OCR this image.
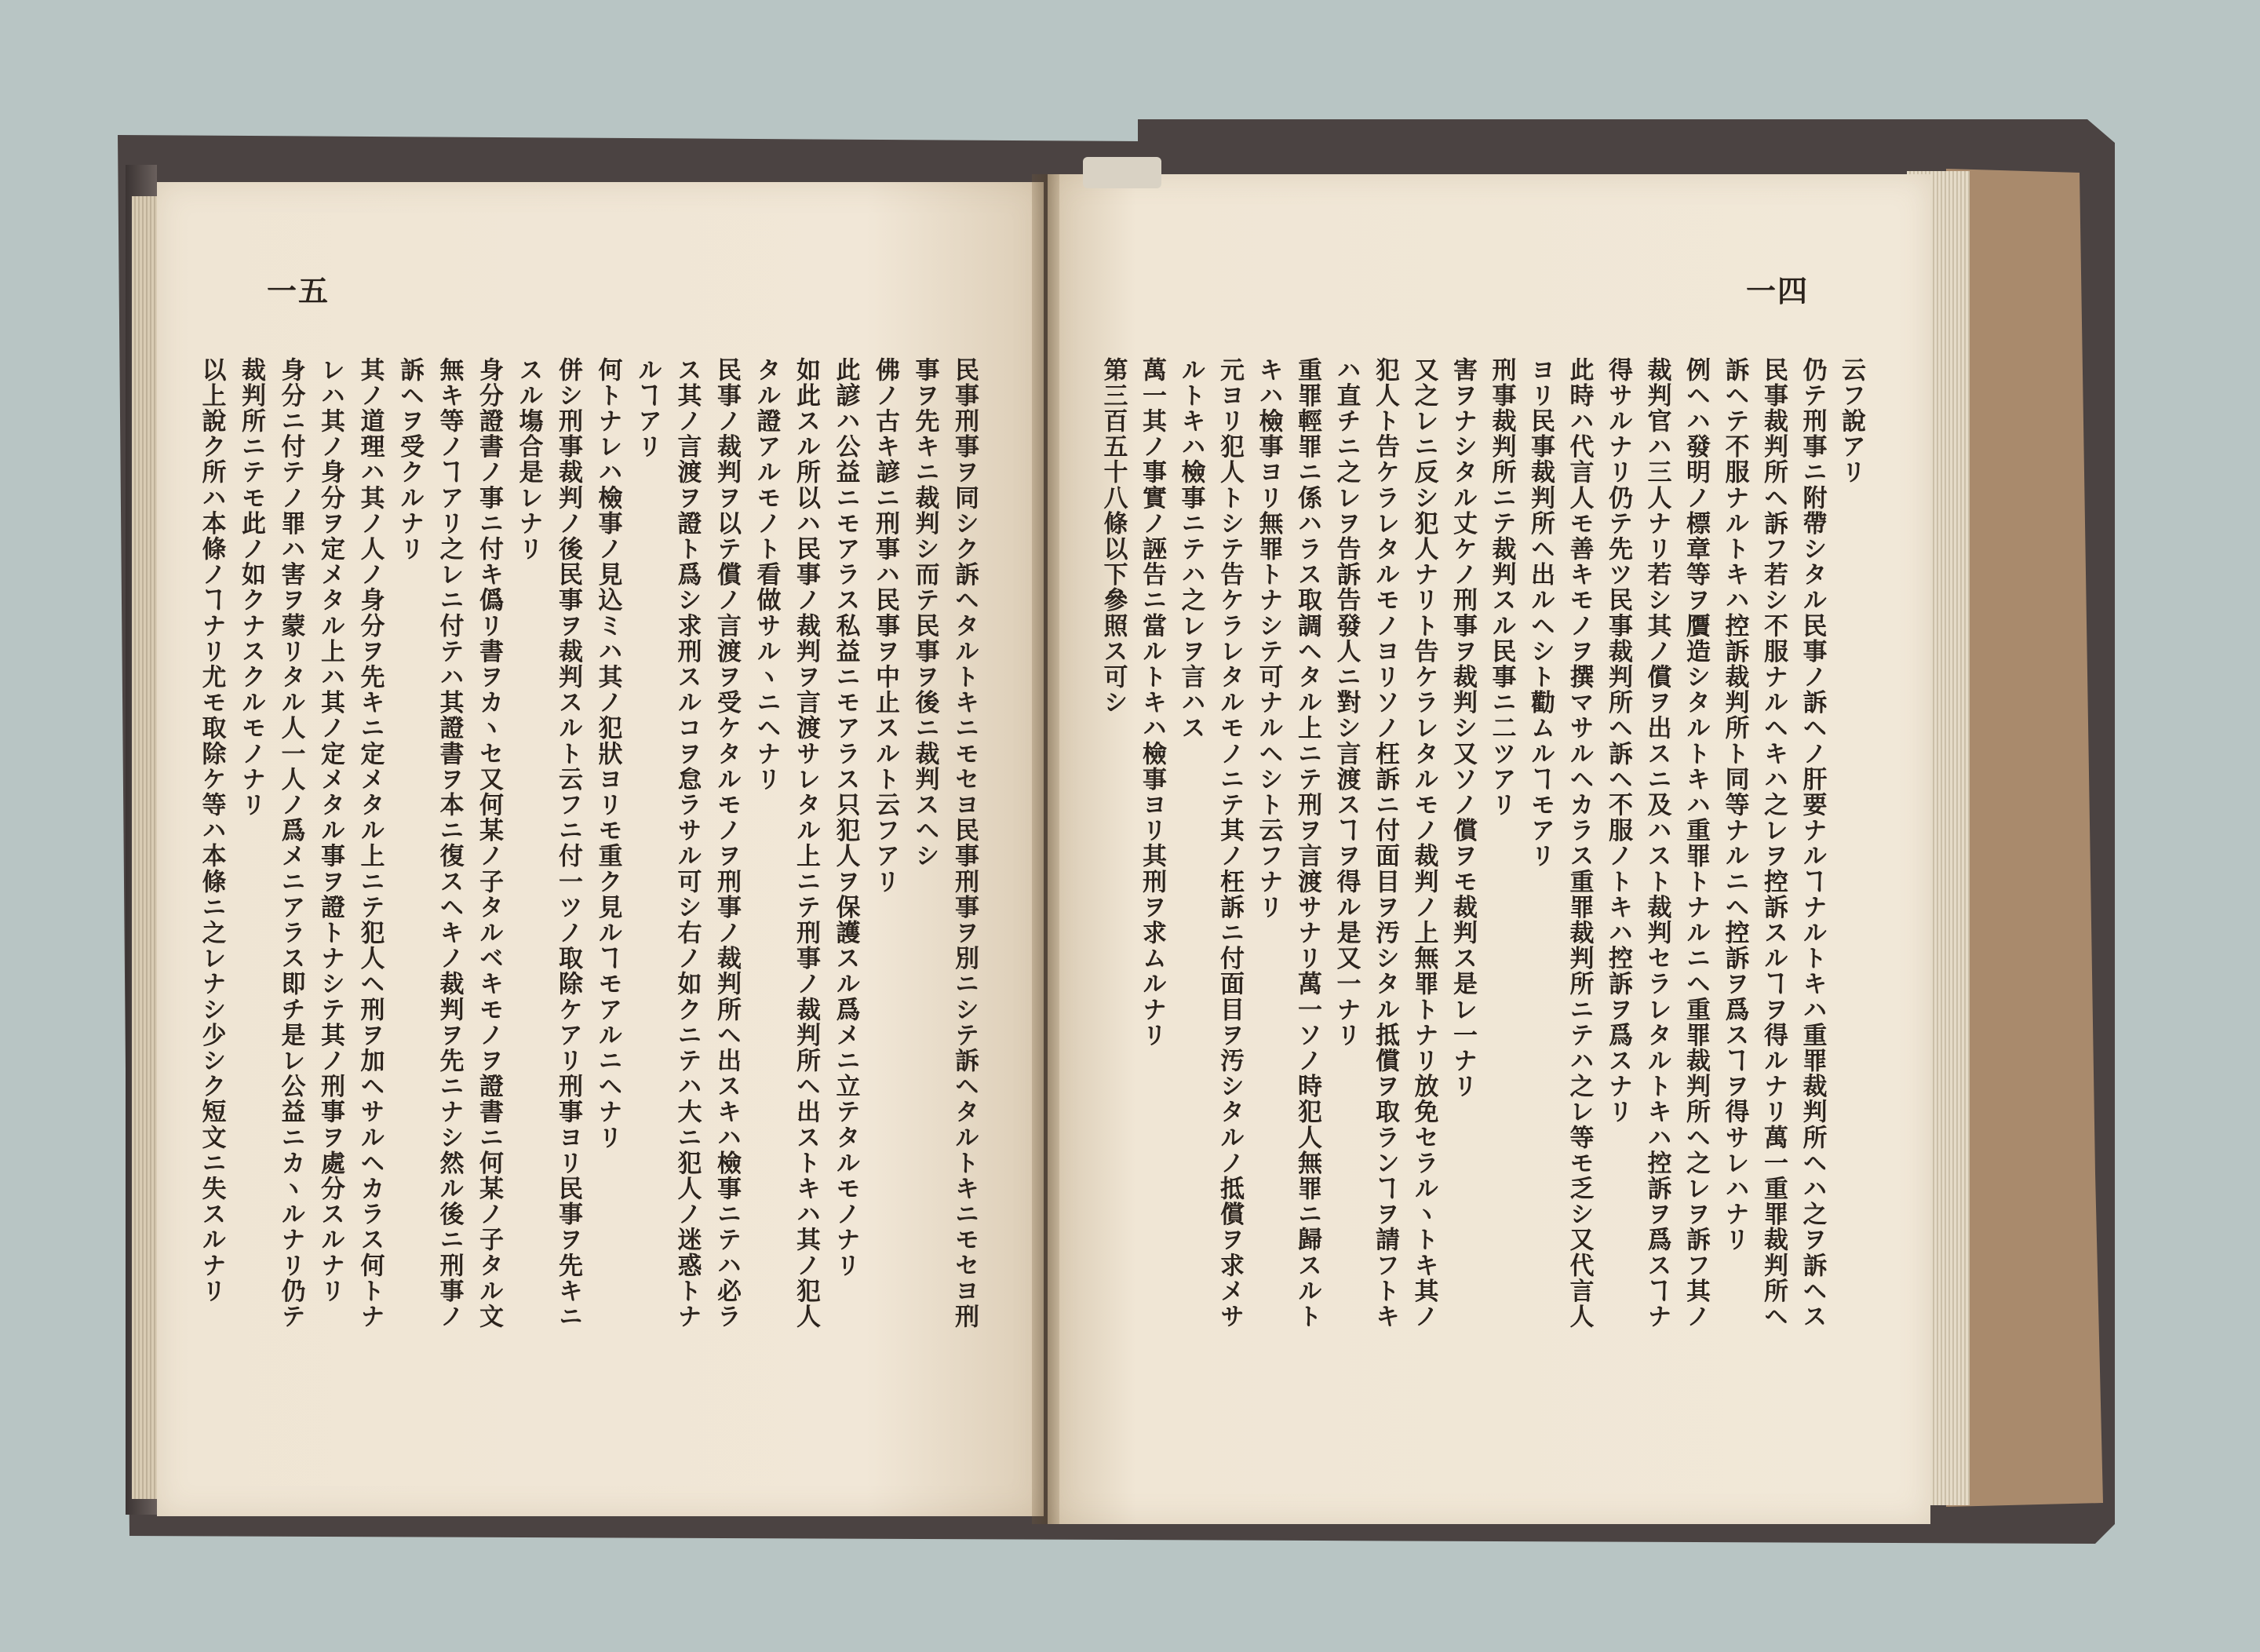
一五	一四
民事刑事ヲ同シク訴ヘタルトキニモセヨ民事刑事ヲ別ニシテ訴ヘタルトキニモセヨ刑
事ヲ先キニ裁判シ而テ民事ヲ後ニ裁判スヘシ
佛ノ古キ諺ニ刑事ハ民事ヲ中止スルト云フアリ
此諺ハ公益ニモアラス私益ニモアラス只犯人ヲ保護スル爲メニ立テタルモノナリ
如此スル所以ハ民事ノ裁判ヲ言渡サレタル上ニテ刑事ノ裁判所ヘ出ストキハ其ノ犯人
タル證アルモノト看做サルヽニヘナリ
民事ノ裁判ヲ以テ償ノ言渡ヲ受ケタルモノヲ刑事ノ裁判所ヘ出スキハ檢事ニテハ必ラ
ス其ノ言渡ヲ證ト爲シ求刑スルコヲ怠ラサル可シ右ノ如クニテハ大ニ犯人ノ迷惑トナ
ルヿアリ
何トナレハ檢事ノ見込ミハ其ノ犯狀ヨリモ重ク見ルヿモアルニヘナリ
併シ刑事裁判ノ後民事ヲ裁判スルト云フニ付一ツノ取除ケアリ刑事ヨリ民事ヲ先キニ
スル塲合是レナリ
身分證書ノ事ニ付キ僞リ書ヲカヽセ又何某ノ子タルベキモノヲ證書ニ何某ノ子タル文
無キ等ノヿアリ之レニ付テハ其證書ヲ本ニ復スヘキノ裁判ヲ先ニナシ然ル後ニ刑事ノ
訴ヘヲ受クルナリ
其ノ道理ハ其ノ人ノ身分ヲ先キニ定メタル上ニテ犯人ヘ刑ヲ加ヘサルヘカラス何トナ
レハ其ノ身分ヲ定メタル上ハ其ノ定メタル事ヲ證トナシテ其ノ刑事ヲ處分スルナリ
身分ニ付テノ罪ハ害ヲ蒙リタル人一人ノ爲メニアラス即チ是レ公益ニカヽルナリ仍テ
裁判所ニテモ此ノ如クナスクルモノナリ
以上說ク所ハ本條ノヿナリ尤モ取除ケ等ハ本條ニ之レナシ少シク短文ニ失スルナリ	云フ說アリ
仍テ刑事ニ附帶シタル民事ノ訴ヘノ肝要ナルヿナルトキハ重罪裁判所ヘハ之ヲ訴ヘス
民事裁判所ヘ訴フ若シ不服ナルヘキハ之レヲ控訴スルヿヲ得ルナリ萬一重罪裁判所ヘ
訴ヘテ不服ナルトキハ控訴裁判所ト同等ナルニヘ控訴ヲ爲スヿヲ得サレハナリ
例ヘハ發明ノ標章等ヲ贋造シタルトキハ重罪トナルニヘ重罪裁判所ヘ之レヲ訴フ其ノ
裁判官ハ三人ナリ若シ其ノ償ヲ出スニ及ハスト裁判セラレタルトキハ控訴ヲ爲スヿナ
得サルナリ仍テ先ツ民事裁判所ヘ訴ヘ不服ノトキハ控訴ヲ爲スナリ
此時ハ代言人モ善キモノヲ撰マサルヘカラス重罪裁判所ニテハ之レ等モ乏シ又代言人
ヨリ民事裁判所ヘ出ルヘシト勸ムルヿモアリ
刑事裁判所ニテ裁判スル民事ニ二ツアリ
害ヲナシタル丈ケノ刑事ヲ裁判シ又ソノ償ヲモ裁判ス是レ一ナリ
又之レニ反シ犯人ナリト告ケラレタルモノ裁判ノ上無罪トナリ放免セラルヽトキ其ノ
犯人ト告ケラレタルモノヨリソノ枉訴ニ付面目ヲ汚シタル抵償ヲ取ランヿヲ請フトキ
ハ直チニ之レヲ告訴告發人ニ對シ言渡スヿヲ得ル是又一ナリ
重罪輕罪ニ係ハラス取調ヘタル上ニテ刑ヲ言渡サナリ萬一ソノ時犯人無罪ニ歸スルト
キハ檢事ヨリ無罪トナシテ可ナルヘシト云フナリ
元ヨリ犯人トシテ告ケラレタルモノニテ其ノ枉訴ニ付面目ヲ汚シタルノ抵償ヲ求メサ
ルトキハ檢事ニテハ之レヲ言ハス
萬一其ノ事實ノ誣告ニ當ルトキハ檢事ヨリ其刑ヲ求ムルナリ
第三百五十八條以下參照ス可シ
